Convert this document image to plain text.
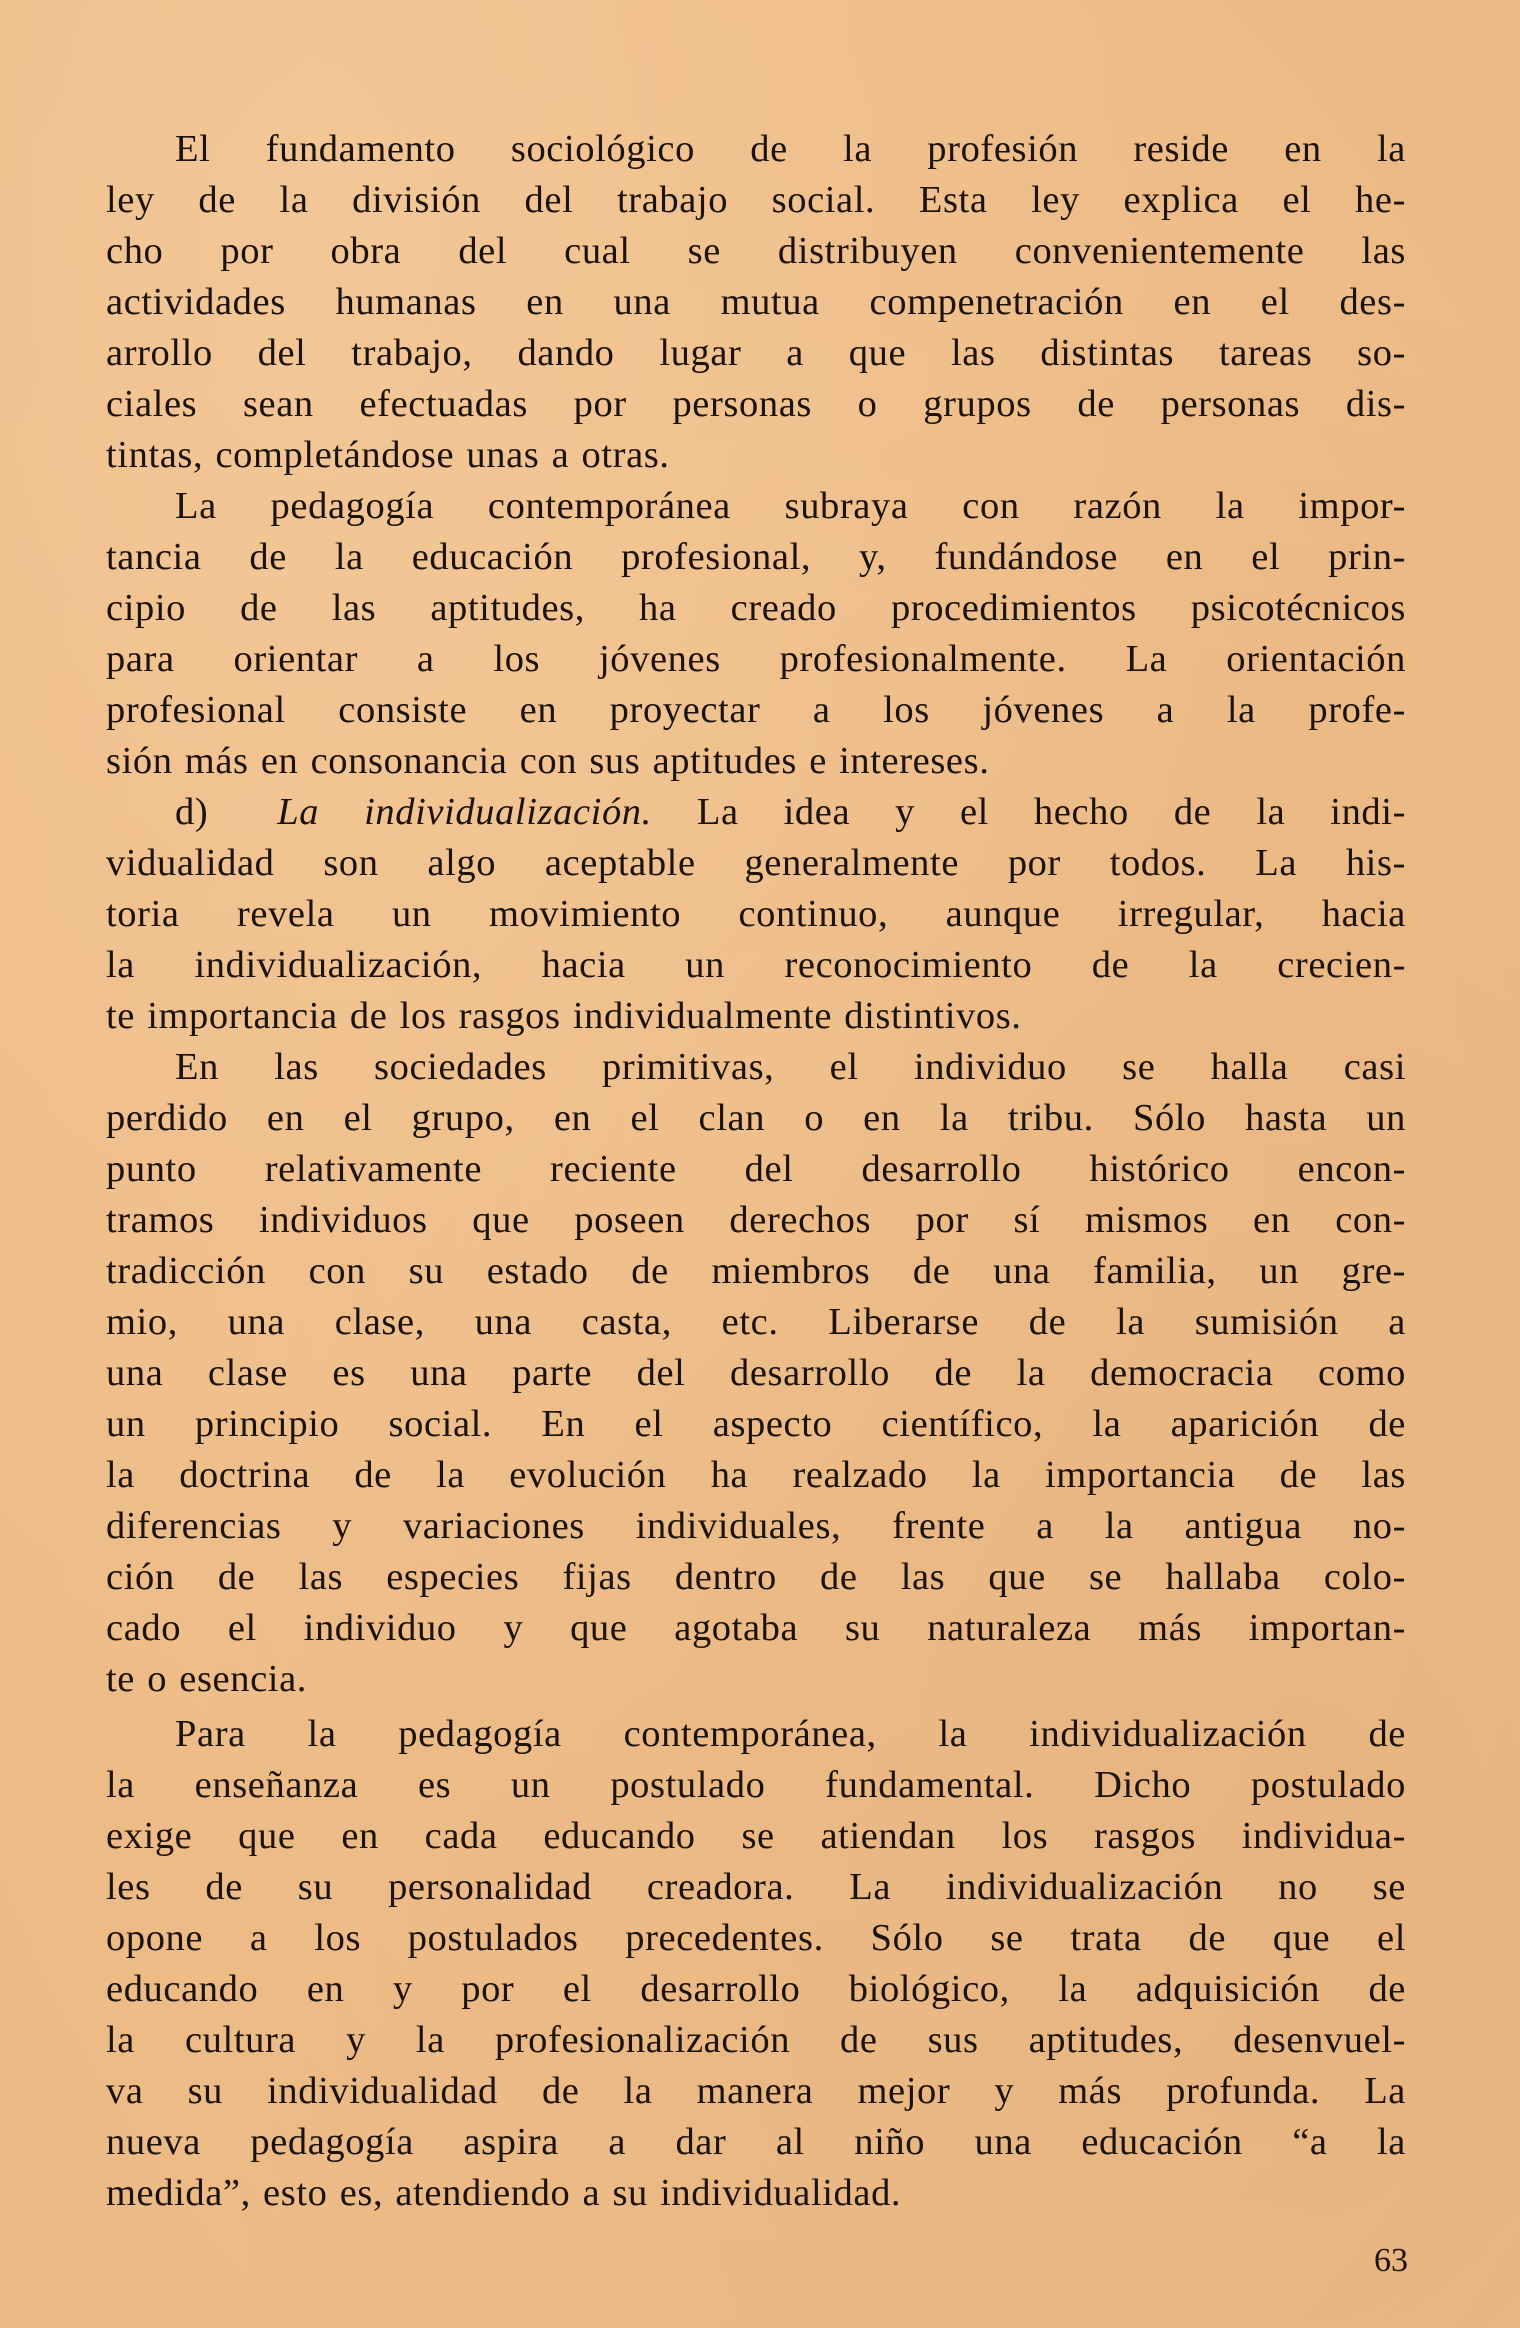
El fundamento sociológico de la profesión reside en la
ley de la división del trabajo social. Esta ley explica el he-
cho por obra del cual se distribuyen convenientemente las
actividades humanas en una mutua compenetración en el des-
arrollo del trabajo, dando lugar a que las distintas tareas so-
ciales sean efectuadas por personas o grupos de personas dis-
tintas, completándose unas a otras.

La pedagogía contemporánea subraya con razón la impor-
tancia de la educación profesional, y, fundándose en el prin-
cipio de las aptitudes, ha creado procedimientos psicotécnicos
para orientar a los jóvenes profesionalmente. La orientación
profesional consiste en proyectar a los jóvenes a la profe-
sión más en consonancia con sus aptitudes e intereses.

d) La individualización. La idea y el hecho de la indi-
vidualidad son algo aceptable generalmente por todos. La his-
toria revela un movimiento continuo, aunque irregular, hacia
la individualización, hacia un reconocimiento de la crecien-
te importancia de los rasgos individualmente distintivos.

En las sociedades primitivas, el individuo se halla casi
perdido en el grupo, en el clan o en la tribu. Sólo hasta un
punto relativamente reciente del desarrollo histórico encon-
tramos individuos que poseen derechos por sí mismos en con-
tradicción con su estado de miembros de una familia, un gre-
mio, una clase, una casta, etc. Liberarse de la sumisión a
una clase es una parte del desarrollo de la democracia como
un principio social. En el aspecto científico, la aparición de
la doctrina de la evolución ha realzado la importancia de las
diferencias y variaciones individuales, frente a la antigua no-
ción de las especies fijas dentro de las que se hallaba colo-
cado el individuo y que agotaba su naturaleza más importan-
te o esencia.

Para la pedagogía contemporánea, la individualización de
la enseñanza es un postulado fundamental. Dicho postulado
exige que en cada educando se atiendan los rasgos individua-
les de su personalidad creadora. La individualización no se
opone a los postulados precedentes. Sólo se trata de que el
educando en y por el desarrollo biológico, la adquisición de
la cultura y la profesionalización de sus aptitudes, desenvuel-
va su individualidad de la manera mejor y más profunda. La
nueva pedagogía aspira a dar al niño una educación “a la
medida”, esto es, atendiendo a su individualidad.

63
